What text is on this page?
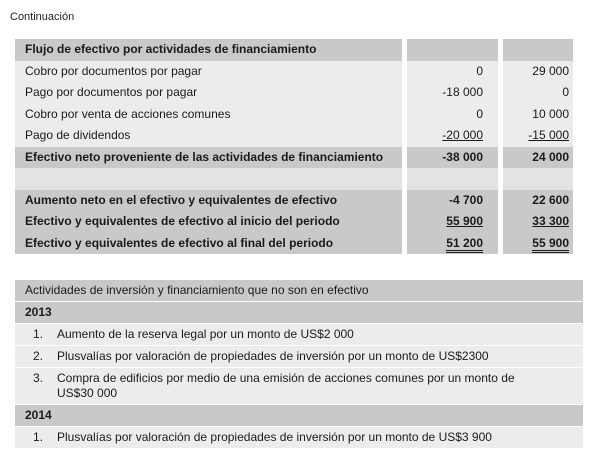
Continuación
Flujo de efectivo por actividades de financiamiento
Cobro por documentos por pagar	0	29 000
Pago por documentos por pagar	-18 000	0
Cobro por venta de acciones comunes	0	10 000
Pago de dividendos	-20 000	-15 000
Efectivo neto proveniente de las actividades de financiamiento	-38 000	24 000
Aumento neto en el efectivo y equivalentes de efectivo	-4 700	22 600
Efectivo y equivalentes de efectivo al inicio del periodo	55 900	33 300
Efectivo y equivalentes de efectivo al final del periodo	51 200	55 900
Actividades de inversión y financiamiento que no son en efectivo
2013
1.	Aumento de la reserva legal por un monto de US$2 000
2.	Plusvalías por valoración de propiedades de inversión por un monto de US$2300
3.	Compra de edificios por medio de una emisión de acciones comunes por un monto de US$30 000
2014
1.	Plusvalías por valoración de propiedades de inversión por un monto de US$3 900
